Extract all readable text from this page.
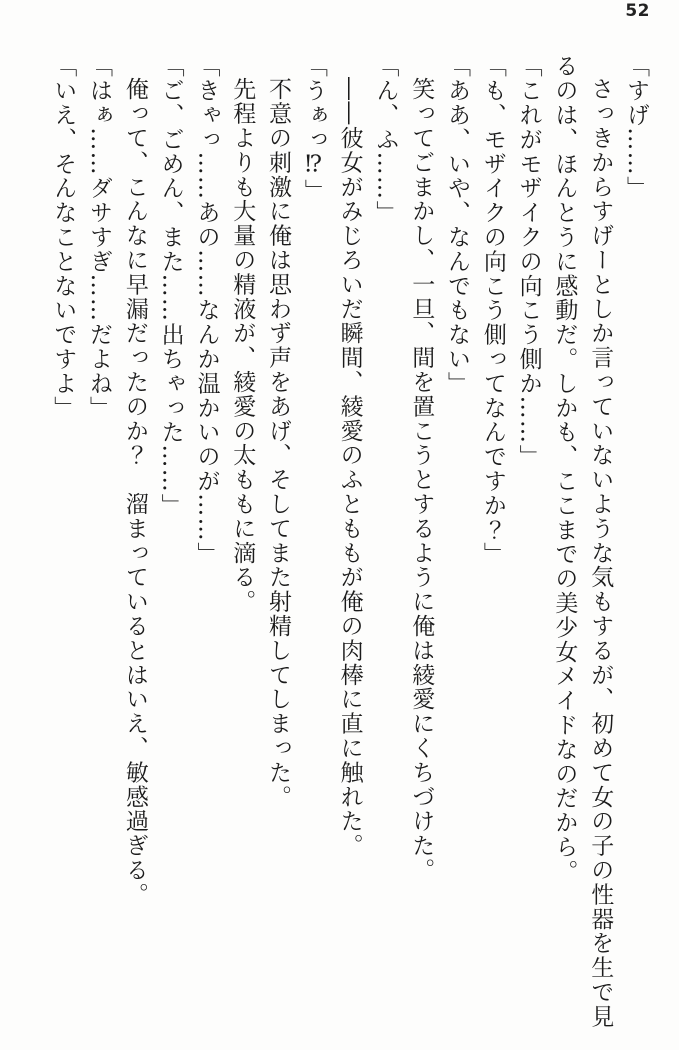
52
「すげ……」
さっきからすげーとしか言っていないような気もするが、初めて女の子の性器を生で見
るのは、ほんとうに感動だ。しかも、ここまでの美少女メイドなのだから。
「これがモザイクの向こう側か……」
「も、モザイクの向こう側ってなんですか？」
「ああ、いや、なんでもない」
笑ってごまかし、一旦、間を置こうとするように俺は綾愛にくちづけた。
「ん、ふ……」
――彼女がみじろいだ瞬間、綾愛のふとももが俺の肉棒に直に触れた。
「うぁっ⁉」
不意の刺激に俺は思わず声をあげ、そしてまた射精してしまった。
先程よりも大量の精液が、綾愛の太ももに滴る。
「きゃっ……あの……なんか温かいのが……」
「ご、ごめん、また……出ちゃった……」
俺って、こんなに早漏だったのか？　溜まっているとはいえ、敏感過ぎる。
「はぁ……ダサすぎ……だよね」
「いえ、そんなことないですよ」
